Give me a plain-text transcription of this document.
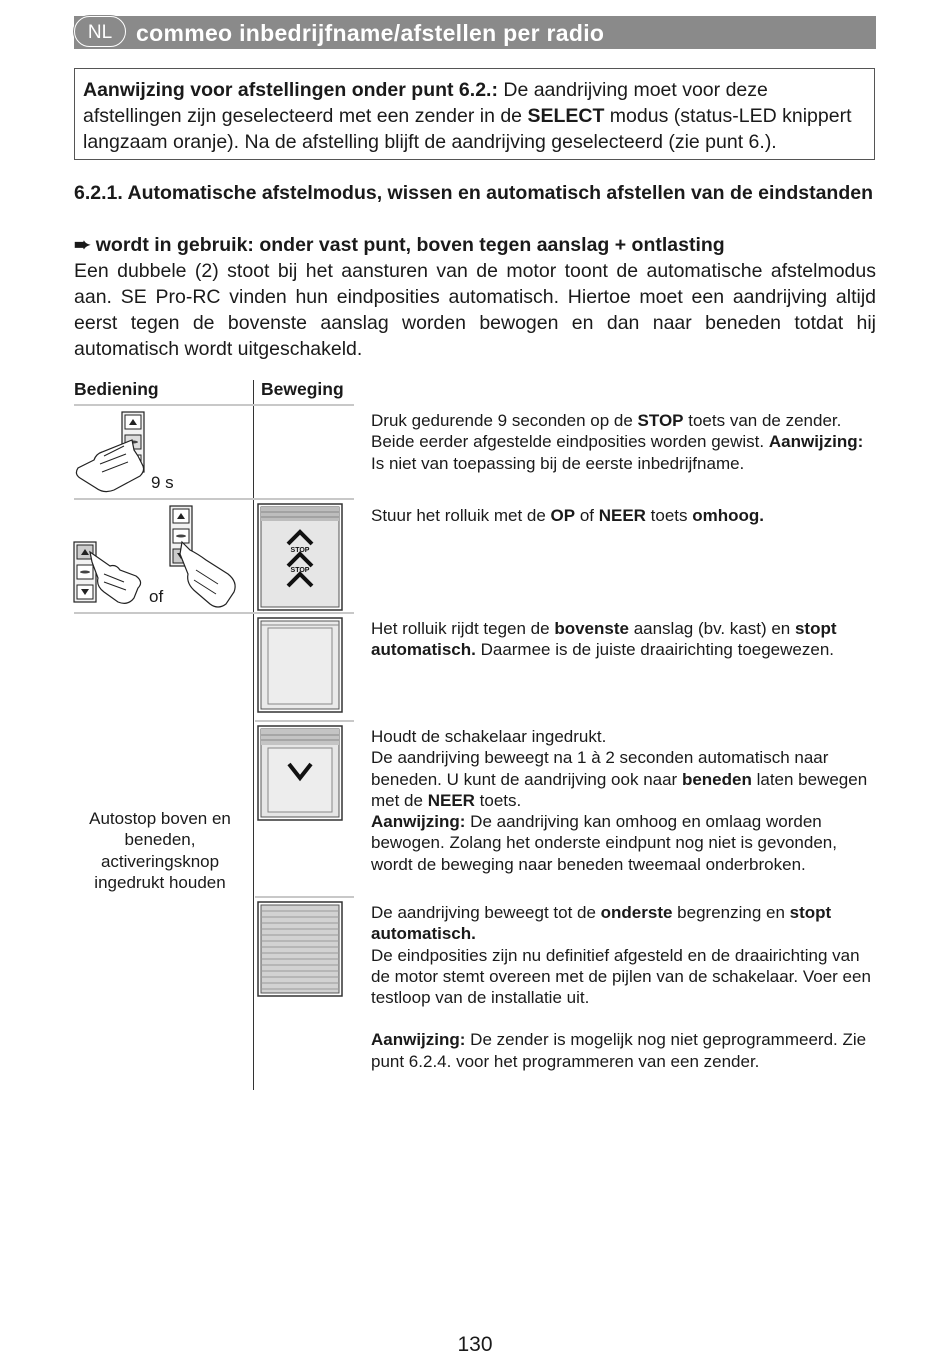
NL	commeo inbedrijfname/afstellen per radio
Aanwijzing voor afstellingen onder punt 6.2.: De aandrijving moet voor deze afstellingen zijn geselecteerd met een zender in de SELECT modus (status-LED knippert langzaam oranje). Na de afstelling blijft de aandrijving geselecteerd (zie punt 6.).
6.2.1. Automatische afstelmodus, wissen en automatisch afstellen van de eindstanden
➨ wordt in gebruik: onder vast punt, boven tegen aanslag + ontlasting
Een dubbele (2) stoot bij het aansturen van de motor toont de automatische afstelmodus aan. SE Pro-RC vinden hun eindposities automatisch. Hiertoe moet een aandrijving altijd eerst tegen de bovenste aanslag worden bewogen en dan naar beneden totdat hij automatisch wordt uitgeschakeld.
Bediening	Beweging
9 s
of
STOP
STOP
Autostop boven en beneden, activeringsknop ingedrukt houden
Druk gedurende 9 seconden op de STOP toets van de zender. Beide eerder afgestelde eindposities worden gewist. Aanwijzing: Is niet van toepassing bij de eerste inbedrijfname.
Stuur het rolluik met de OP of NEER toets omhoog.
Het rolluik rijdt tegen de bovenste aanslag (bv. kast) en stopt automatisch. Daarmee is de juiste draairichting toegewezen.
Houdt de schakelaar ingedrukt.
De aandrijving beweegt na 1 à 2 seconden automatisch naar beneden. U kunt de aandrijving ook naar beneden laten bewegen met de NEER toets.
Aanwijzing: De aandrijving kan omhoog en omlaag worden bewogen. Zolang het onderste eindpunt nog niet is gevonden, wordt de beweging naar beneden tweemaal onderbroken.
De aandrijving beweegt tot de onderste begrenzing en stopt automatisch.
De eindposities zijn nu definitief afgesteld en de draairichting van de motor stemt overeen met de pijlen van de schakelaar. Voer een testloop van de installatie uit.
Aanwijzing: De zender is mogelijk nog niet geprogrammeerd. Zie punt 6.2.4. voor het programmeren van een zender.
130
